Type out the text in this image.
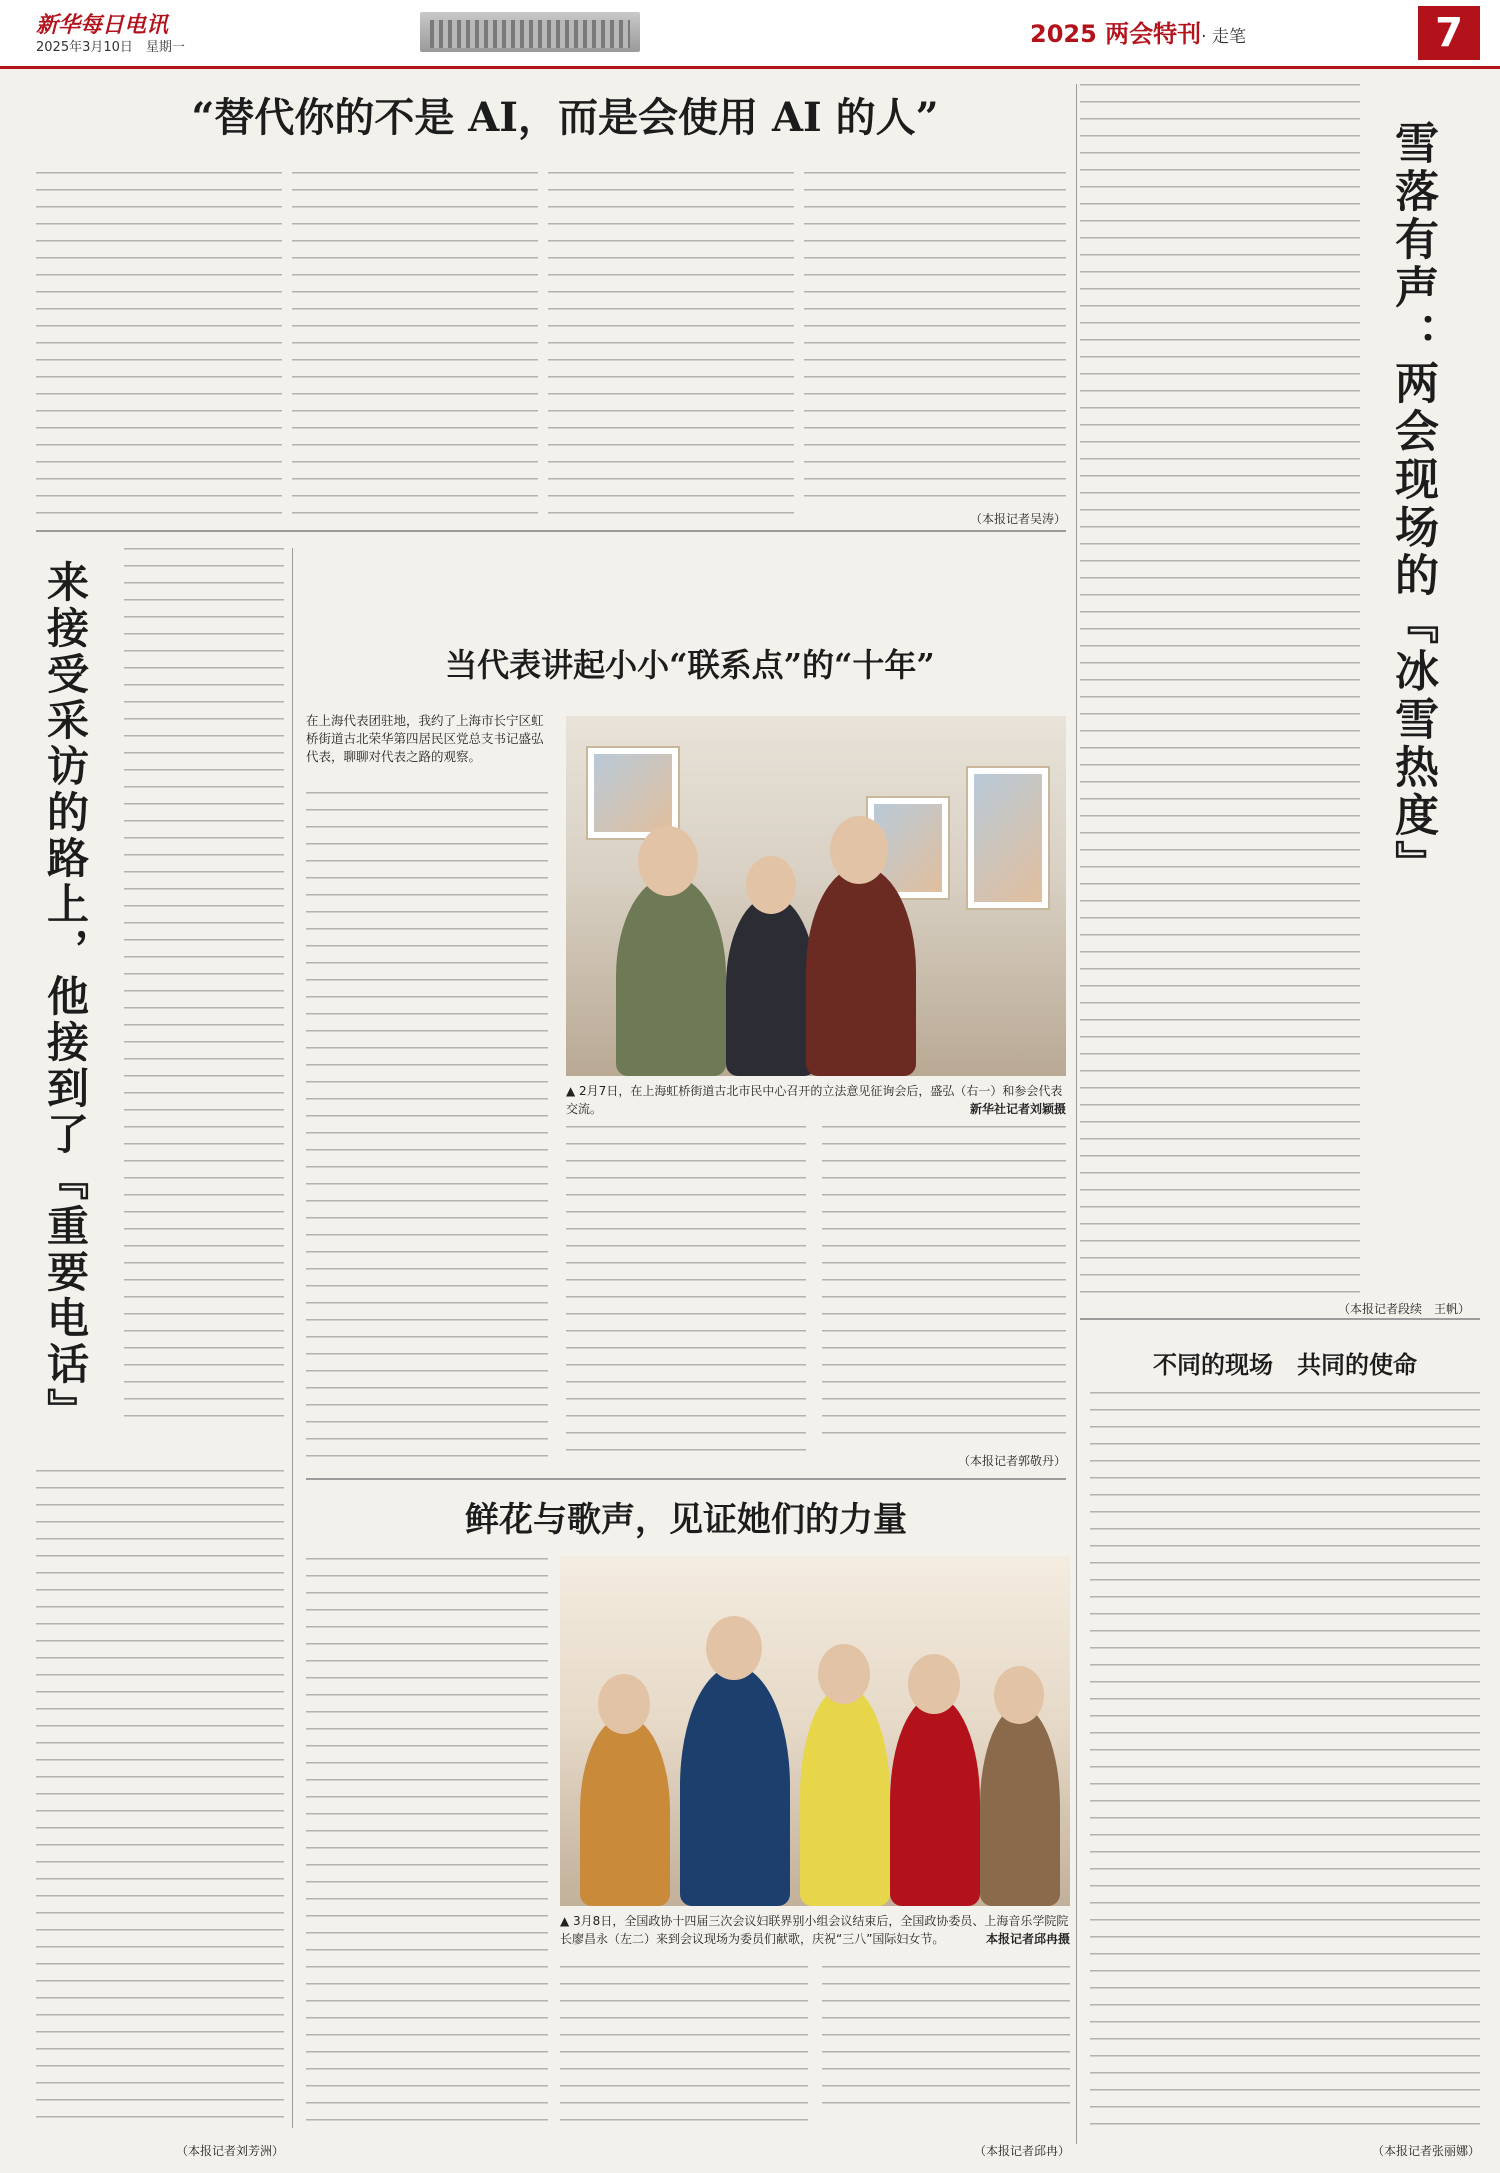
新华每日电讯
2025年3月10日　星期一	2025 两会特刊· 走笔	7
“替代你的不是 AI，而是会使用 AI 的人”
（本报记者吴涛）	雪落有声：两会现场的『冰雪热度』
（本报记者段续　王帆）
不同的现场　共同的使命
（本报记者张丽娜）
来接受采访的路上，他接到了『重要电话』
（本报记者刘芳洲）
当代表讲起小小“联系点”的“十年”
在上海代表团驻地，我约了上海市长宁区虹桥街道古北荣华第四居民区党总支书记盛弘代表，聊聊对代表之路的观察。
▲ 2月7日，在上海虹桥街道古北市民中心召开的立法意见征询会后，盛弘（右一）和参会代表交流。	新华社记者刘颖摄
（本报记者郭敬丹）
鲜花与歌声，见证她们的力量
▲ 3月8日，全国政协十四届三次会议妇联界别小组会议结束后，全国政协委员、上海音乐学院院长廖昌永（左二）来到会议现场为委员们献歌，庆祝“三八”国际妇女节。	本报记者邱冉摄
（本报记者邱冉）
